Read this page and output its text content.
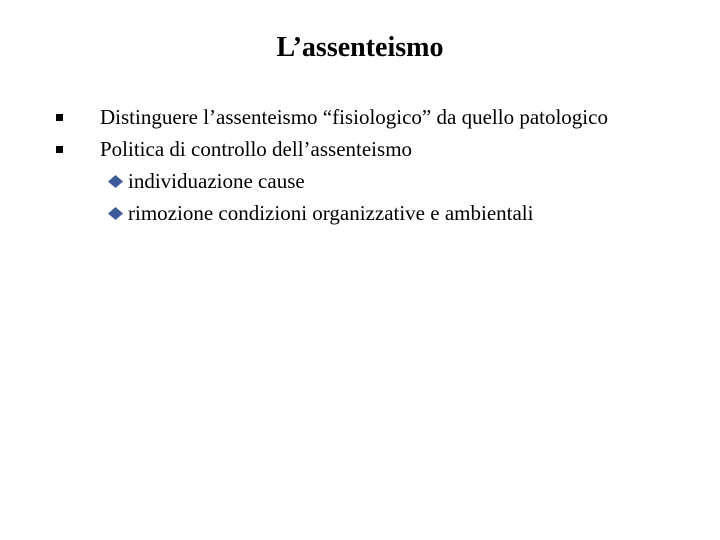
L’assenteismo
Distinguere l’assenteismo “fisiologico” da quello patologico
Politica di controllo dell’assenteismo
individuazione cause
rimozione condizioni organizzative e ambientali
